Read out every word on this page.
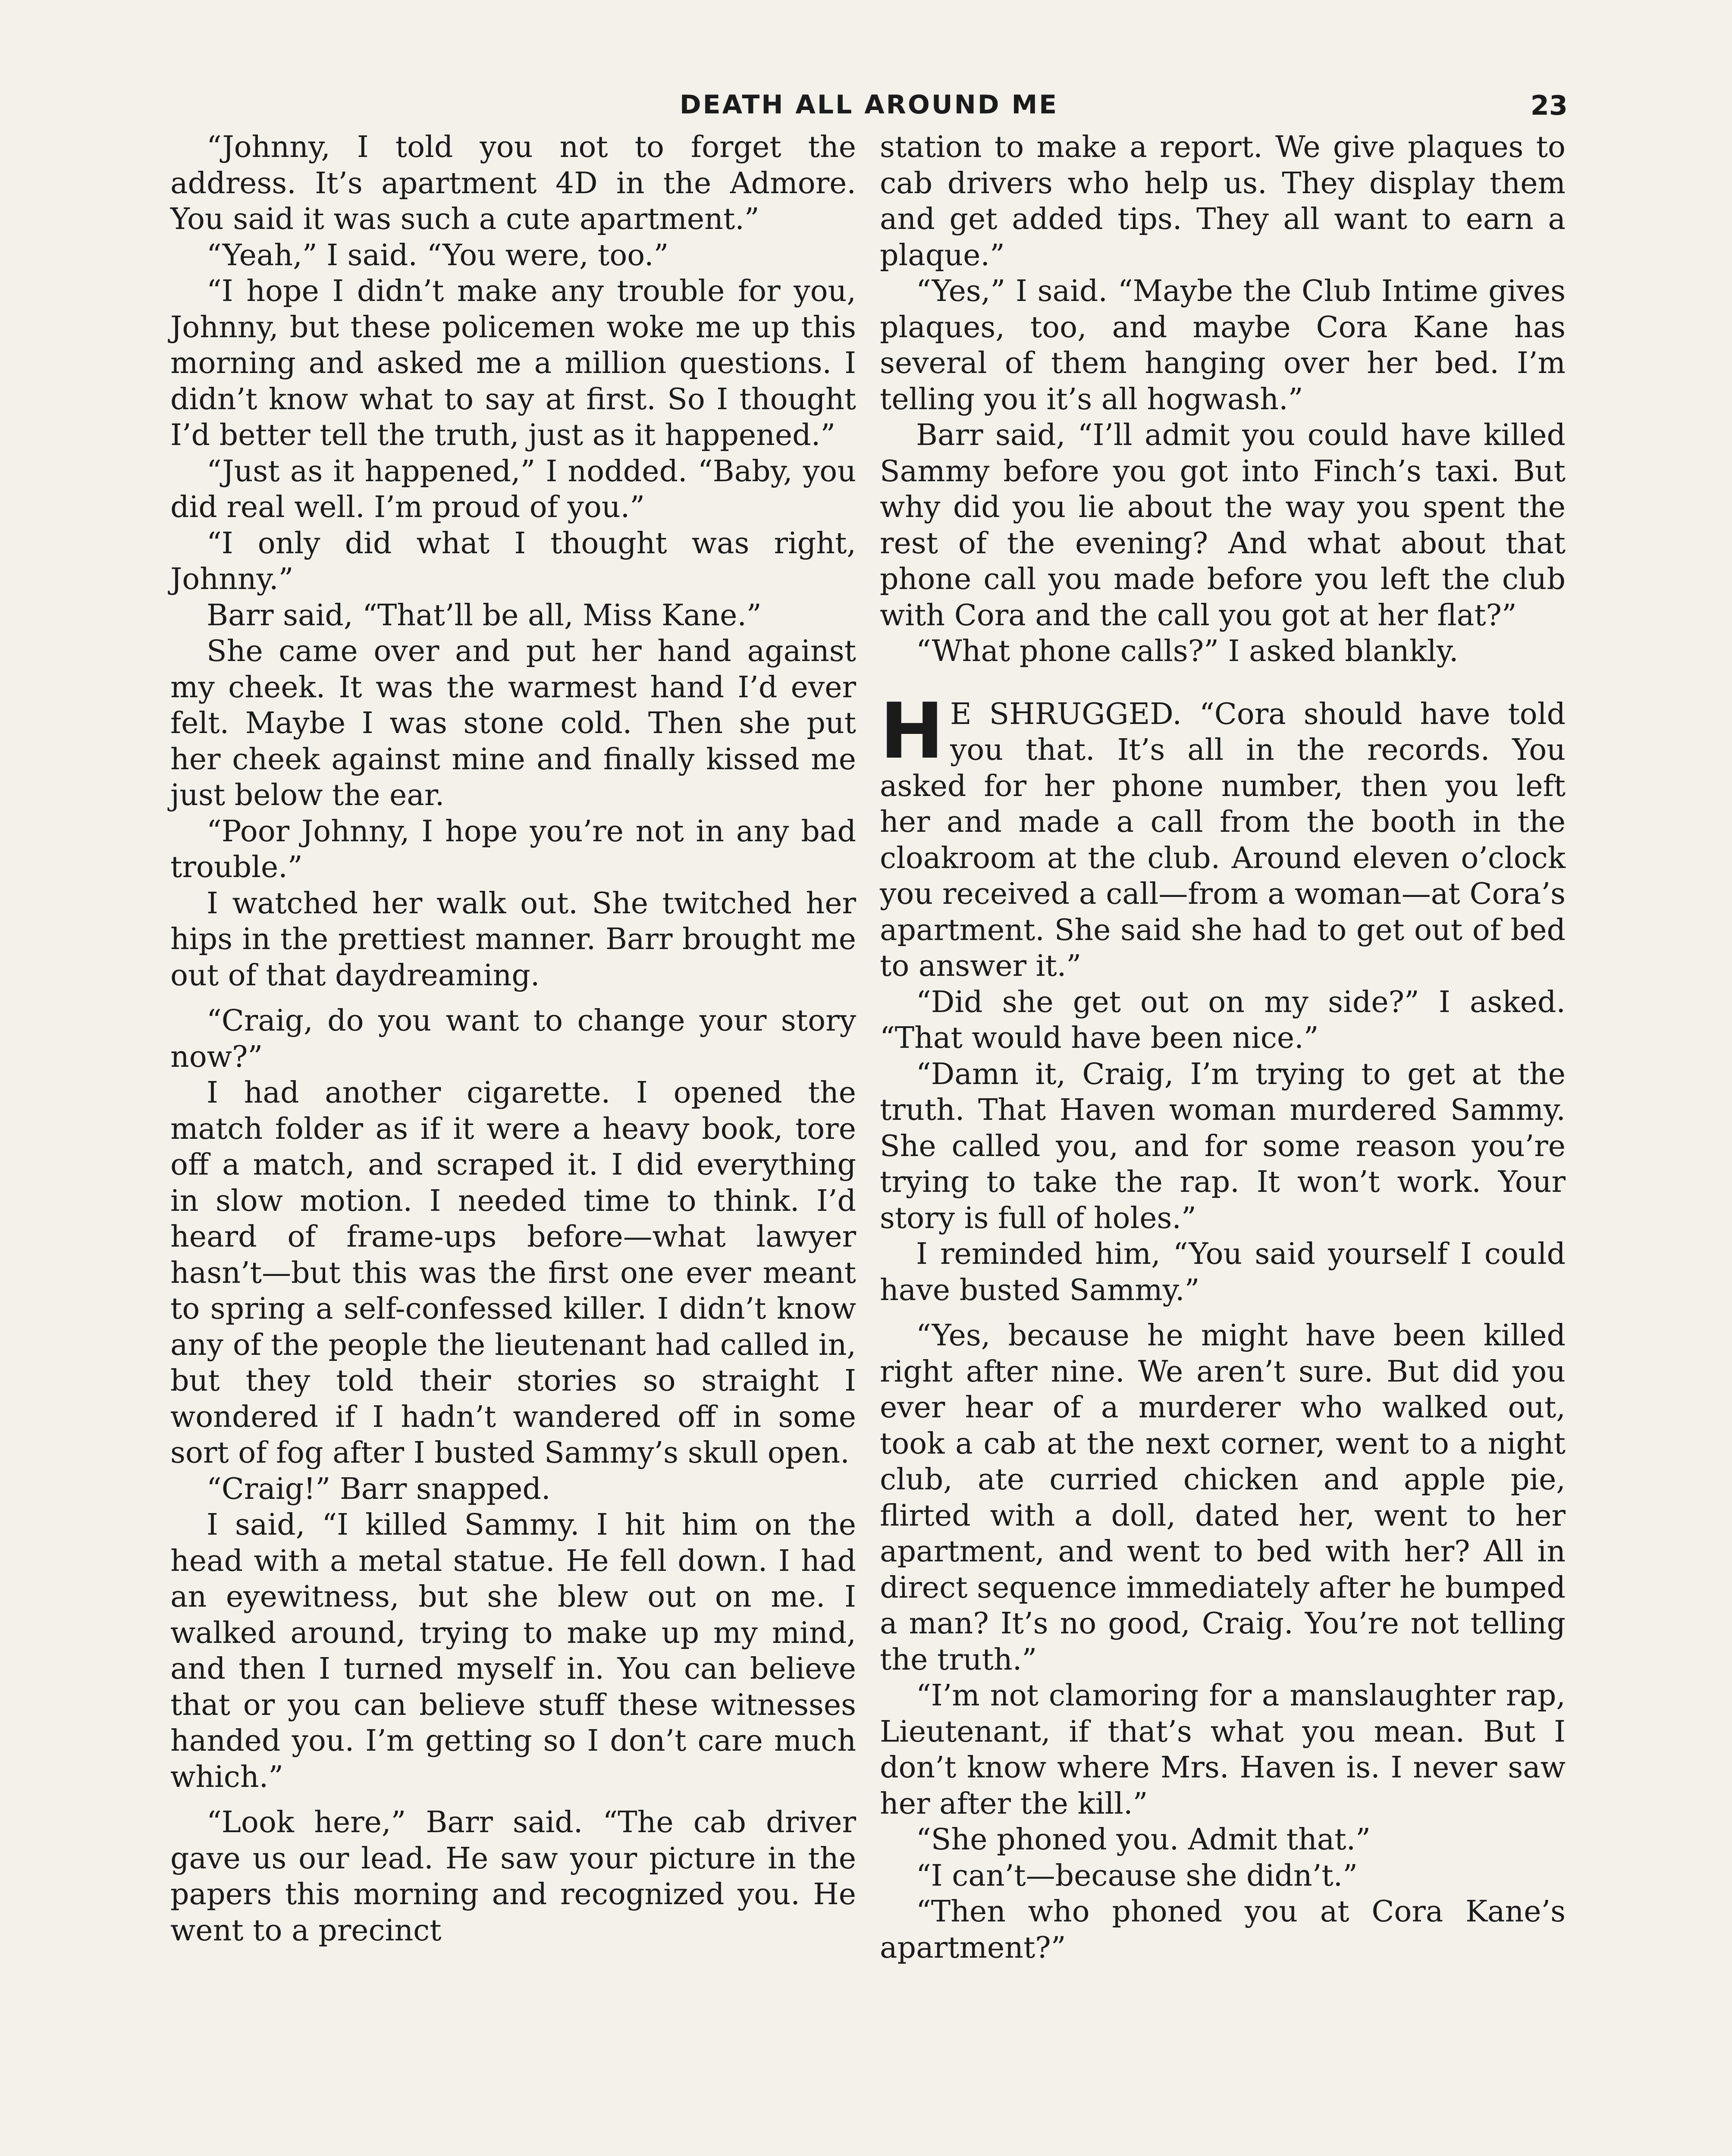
DEATH ALL AROUND ME	23

“Johnny, I told you not to forget the address. It’s apartment 4D in the Admore. You said it was such a cute apartment.”

“Yeah,” I said. “You were, too.”

“I hope I didn’t make any trouble for you, Johnny, but these policemen woke me up this morning and asked me a million questions. I didn’t know what to say at first. So I thought I’d better tell the truth, just as it happened.”

“Just as it happened,” I nodded. “Baby, you did real well. I’m proud of you.”

“I only did what I thought was right, Johnny.”

Barr said, “That’ll be all, Miss Kane.”

She came over and put her hand against my cheek. It was the warmest hand I’d ever felt. Maybe I was stone cold. Then she put her cheek against mine and finally kissed me just below the ear.

“Poor Johnny, I hope you’re not in any bad trouble.”

I watched her walk out. She twitched her hips in the prettiest manner. Barr brought me out of that daydreaming.

“Craig, do you want to change your story now?”

I had another cigarette. I opened the match folder as if it were a heavy book, tore off a match, and scraped it. I did everything in slow motion. I needed time to think. I’d heard of frame-ups before—what lawyer hasn’t—but this was the first one ever meant to spring a self-confessed killer. I didn’t know any of the people the lieutenant had called in, but they told their stories so straight I wondered if I hadn’t wandered off in some sort of fog after I busted Sammy’s skull open.

“Craig!” Barr snapped.

I said, “I killed Sammy. I hit him on the head with a metal statue. He fell down. I had an eyewitness, but she blew out on me. I walked around, trying to make up my mind, and then I turned myself in. You can believe that or you can believe stuff these witnesses handed you. I’m getting so I don’t care much which.”

“Look here,” Barr said. “The cab driver gave us our lead. He saw your picture in the papers this morning and recognized you. He went to a precinct

station to make a report. We give plaques to cab drivers who help us. They display them and get added tips. They all want to earn a plaque.”

“Yes,” I said. “Maybe the Club Intime gives plaques, too, and maybe Cora Kane has several of them hanging over her bed. I’m telling you it’s all hogwash.”

Barr said, “I’ll admit you could have killed Sammy before you got into Finch’s taxi. But why did you lie about the way you spent the rest of the evening? And what about that phone call you made before you left the club with Cora and the call you got at her flat?”

“What phone calls?” I asked blankly.

H E SHRUGGED. “Cora should have told you that. It’s all in the records. You asked for her phone number, then you left her and made a call from the booth in the cloakroom at the club. Around eleven o’clock you received a call—from a woman—at Cora’s apartment. She said she had to get out of bed to answer it.”

“Did she get out on my side?” I asked. “That would have been nice.”

“Damn it, Craig, I’m trying to get at the truth. That Haven woman murdered Sammy. She called you, and for some reason you’re trying to take the rap. It won’t work. Your story is full of holes.”

I reminded him, “You said yourself I could have busted Sammy.”

“Yes, because he might have been killed right after nine. We aren’t sure. But did you ever hear of a murderer who walked out, took a cab at the next corner, went to a night club, ate curried chicken and apple pie, flirted with a doll, dated her, went to her apartment, and went to bed with her? All in direct sequence immediately after he bumped a man? It’s no good, Craig. You’re not telling the truth.”

“I’m not clamoring for a manslaughter rap, Lieutenant, if that’s what you mean. But I don’t know where Mrs. Haven is. I never saw her after the kill.”

“She phoned you. Admit that.”

“I can’t—because she didn’t.”

“Then who phoned you at Cora Kane’s apartment?”
